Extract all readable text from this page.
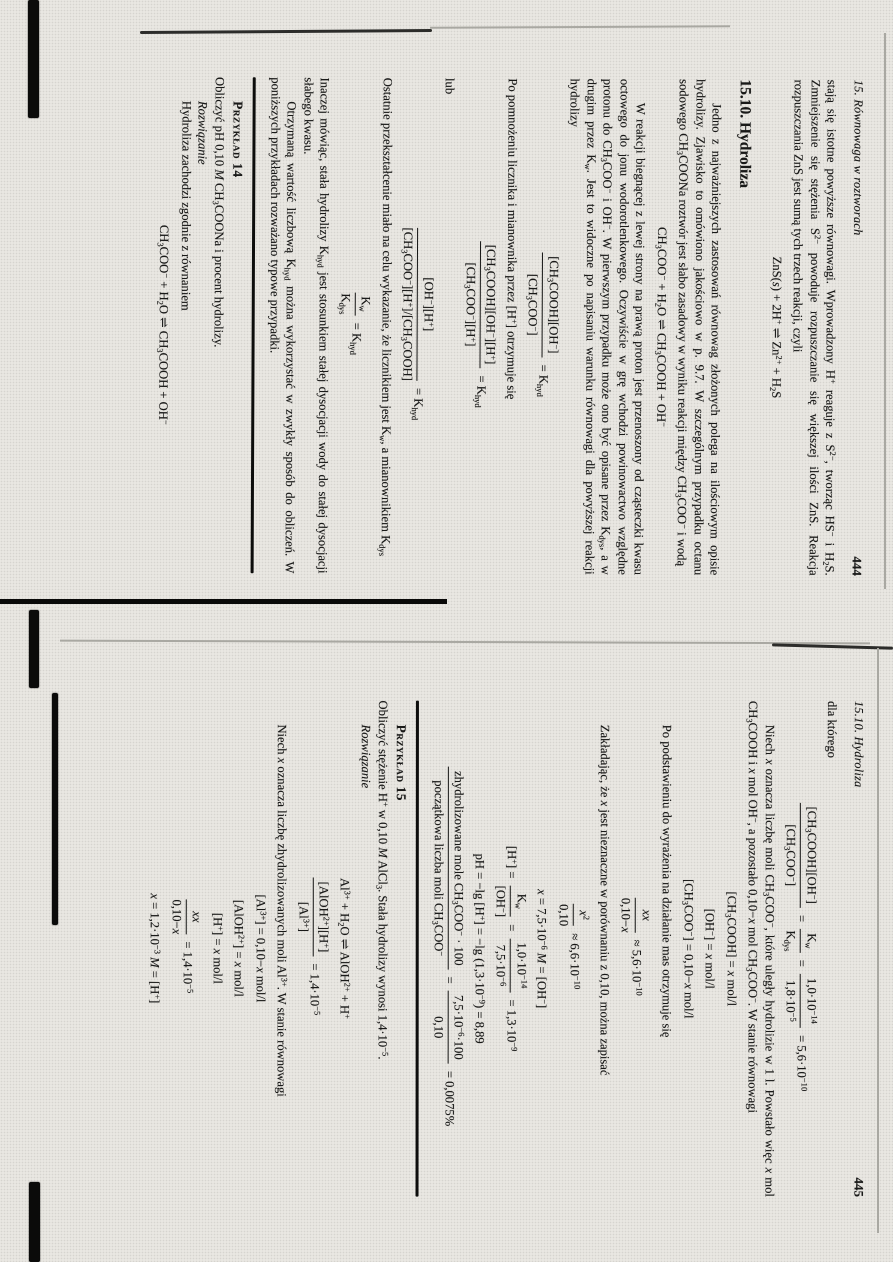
15. Równowaga w roztworach
444

stają się istotne powyższe równowagi. Wprowadzony H+ reaguje z $S^{2-}$, tworząc HS− i $H_2S$. Zmniejszenie się stężenia $S^{2-}$ powoduje rozpuszczanie się większej ilości ZnS. Reakcja rozpuszczania ZnS jest sumą tych trzech reakcji, czyli

ZnS(s) + 2H+ ⇌ $Zn^{2+} + H_2S$
15.10. Hydroliza

Jedno z najważniejszych zastosowań równowag złożonych polega na ilościowym opisie hydrolizy. Zjawisko to omówiono jakościowo w p. 9.7. W szczególnym przypadku octanu sodowego $CH_3COONa$ roztwór jest słabo zasadowy w wyniku reakcji między $CH_3COO^-$ i wodą

$CH_3COO^- + H_2O$ ⇌ $CH_3COOH + OH^-$

W reakcji biegnącej z lewej strony na prawą proton jest przenoszony od cząsteczki kwasu octowego do jonu wodorotlenkowego. Oczywiście w grę wchodzi powinowactwo względne protonu do $CH_3COO^-$ i OH−. W pierwszym przypadku może ono być opisane przez $K_{dys}$, a w drugim przez $K_w$. Jest to widoczne po napisaniu warunku równowagi dla powyższej reakcji hydrolizy

$[CH_3COOH][OH^-]$
$[CH_3COO^-]$
= $K_{hyd}$

Po pomnożeniu licznika i mianownika przez [H+] otrzymuje się

$[CH_3COOH][OH^-][H^+]$
$[CH_3COO^-][H^+]$
= $K_{hyd}$

lub

[OH−][H+]
$[CH_3COO^-][H^+]/[CH_3COOH]$
= $K_{hyd}$

Ostatnie przekształcenie miało na celu wykazanie, że licznikiem jest $K_w$, a mianownikiem $K_{dys}$

$K_w$
$K_{dys}$
= $K_{hyd}$

Inaczej mówiąc, stała hydrolizy $K_{hyd}$ jest stosunkiem stałej dysocjacji wody do stałej dysocjacji słabego kwasu.

Otrzymaną wartość liczbową $K_{hyd}$ można wykorzystać w zwykły sposób do obliczeń. W poniższych przykładach rozważano typowe przypadki.

Przykład 14

Obliczyć pH 0,10 M $CH_3COONa$ i procent hydrolizy.

Rozwiązanie

Hydroliza zachodzi zgodnie z równaniem

$CH_3COO^- + H_2O$ ⇌ $CH_3COOH + OH^-$
15.10. Hydroliza
445

dla którego

$[CH_3COOH][OH^-]$
$[CH_3COO^-]$
=
$K_w$
$K_{dys}$
=
$1,0\cdot 10^{-14}$
$1,8\cdot 10^{-5}$
= $5,6\cdot 10^{-10}$

Niech x oznacza liczbę moli $CH_3COO^-$, które uległy hydrolizie w 1 l. Powstało więc x mol $CH_3COOH$ i x mol OH−, a pozostało 0,10−x mol $CH_3COO^-$. W stanie równowagi

$[CH_3COOH] = x$ mol/l
[OH−] = x mol/l
$[CH_3COO^-] = 0,10-x$ mol/l

Po podstawieniu do wyrażenia na działanie mas otrzymuje się

xx
0,10−x
≈ $5,6\cdot 10^{-10}$

Zakładając, że x jest nieznaczne w porównaniu z 0,10, można zapisać

$x^2$
0,10
≈ $6,6\cdot 10^{-10}$
$x = 7,5\cdot 10^{-6}$ M = [OH−]
[H+] =
$K_w$
[OH−]
=
$1,0\cdot 10^{-14}$
$7,5\cdot 10^{-6}$
= $1,3\cdot 10^{-9}$
pH = −lg [H+] = −lg $(1,3\cdot 10^{-9}) = 8,89$
zhydrolizowane mole $CH_3COO^- \cdot 100$
początkowa liczba moli $CH_3COO^-$
=
$7,5\cdot 10^{-6}\cdot 100$
0,10
= 0,0075%

Przykład 15

Obliczyć stężenie H+ w 0,10 M AlCl$_3$. Stała hydrolizy wynosi $1,4\cdot 10^{-5}$.

Rozwiązanie

$Al^{3+} + H_2O$ ⇌ AlOH$^{2+}$ + H+
[AlOH$^{2+}$][H+]
$[Al^{3+}]$
= $1,4\cdot 10^{-5}$

Niech x oznacza liczbę zhydrolizowanych moli $Al^{3+}$. W stanie równowagi

$[Al^{3+}] = 0,10-x$ mol/l
[AlOH$^{2+}$] = x mol/l
[H+] = x mol/l
xx
0,10−x
= $1,4\cdot 10^{-5}$
$x = 1,2\cdot 10^{-3}$ M = [H+]
